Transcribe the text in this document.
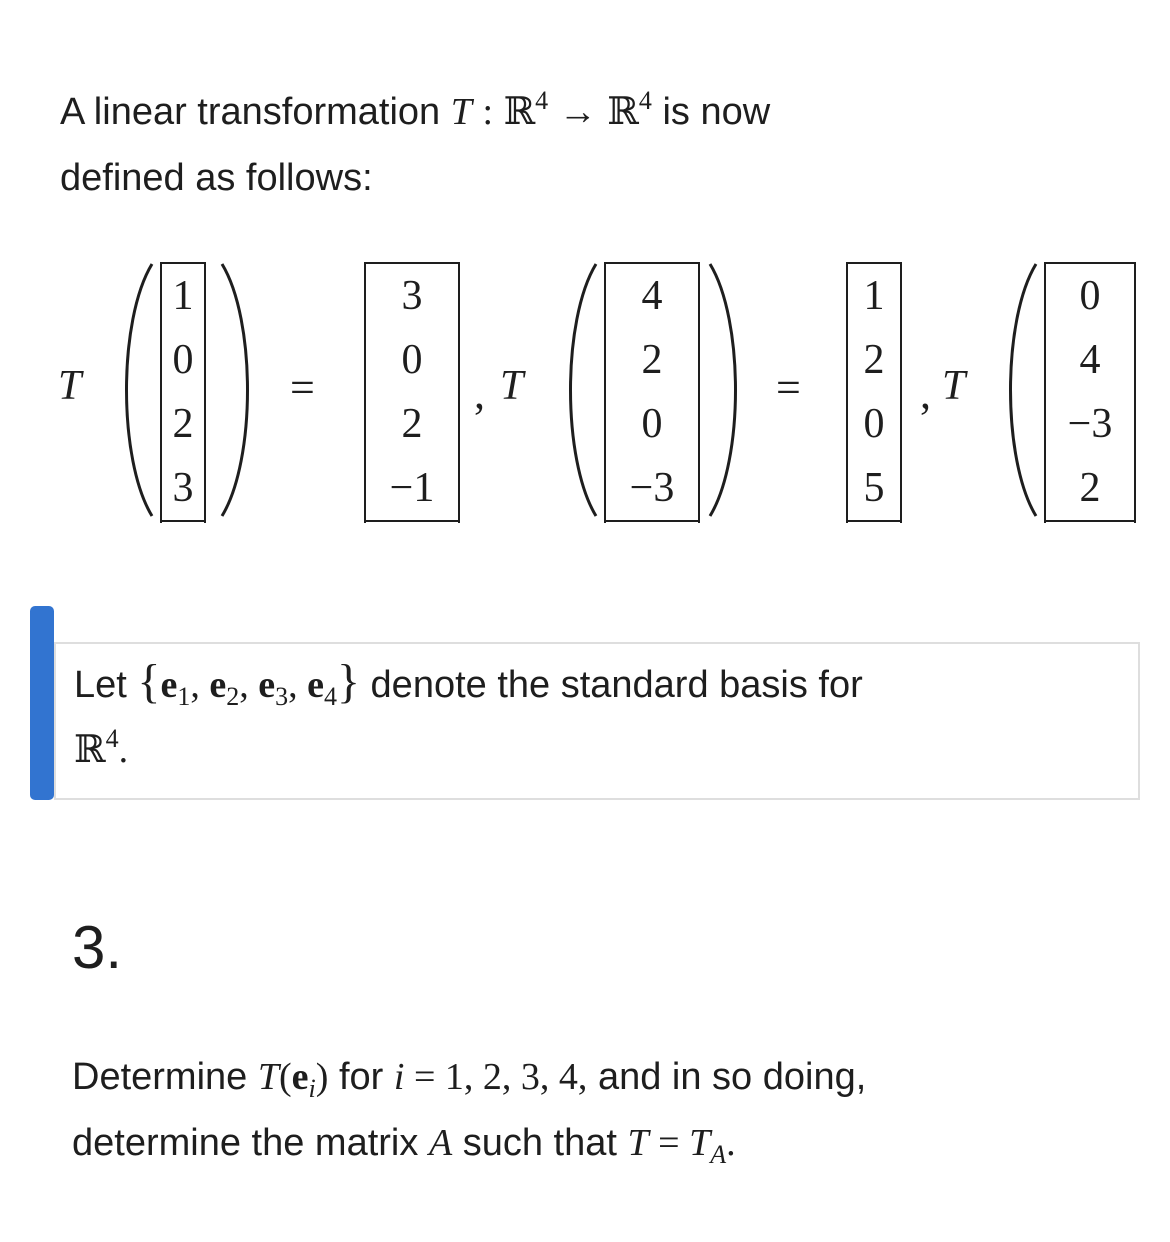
A linear transformation T : ℝ$^4$ → ℝ$^4$ is now
defined as follows:
T
1
0
2
3
=
3
0
2
−1
, T
4
2
0
−3
=
1
2
0
5
, T
0
4
−3
2
Let {$e_1$, $e_2$, $e_3$, $e_4$} denote the standard basis for
ℝ$^4$.
3.
Determine $T(e_i)$ for i = 1, 2, 3, 4, and in so doing,
determine the matrix A such that $T = T_A$.
